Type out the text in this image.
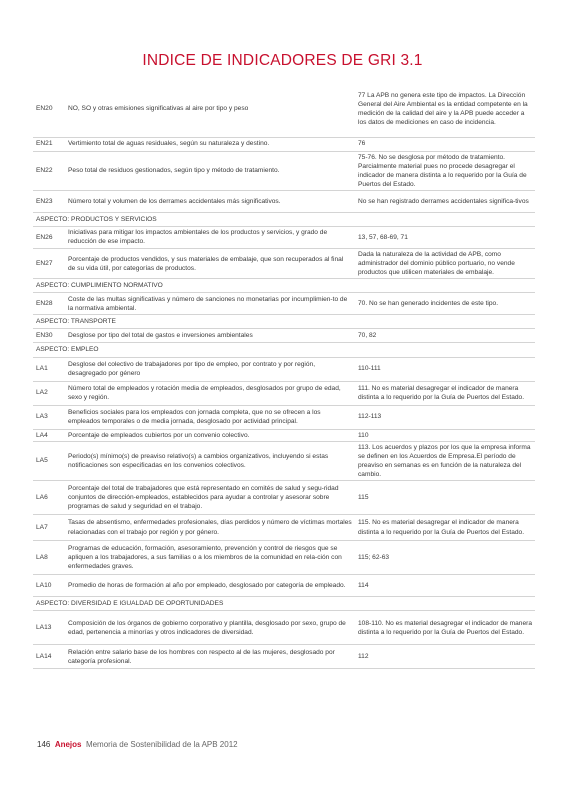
INDICE DE INDICADORES DE GRI 3.1
EN20	NO, SO y otras emisiones significativas al aire por tipo y peso	77 La APB no genera este tipo de impactos. La Dirección General del Aire Ambiental es la entidad competente en la medición de la calidad del aire y la APB puede acceder a los datos de mediciones en caso de incidencia.
EN21	Vertimiento total de aguas residuales, según su naturaleza y destino.	76
EN22	Peso total de residuos gestionados, según tipo y método de tratamiento.	75-76. No se desglosa por método de tratamiento. Parcialmente material pues no procede desagregar el indicador de manera distinta a lo requerido por la Guía de Puertos del Estado.
EN23	Número total y volumen de los derrames accidentales más significativos.	No se han registrado derrames accidentales significa-tivos
ASPECTO: PRODUCTOS Y SERVICIOS		
EN26	Iniciativas para mitigar los impactos ambientales de los productos y servicios, y grado de reducción de ese impacto.	13, 57, 68-69, 71
EN27	Porcentaje de productos vendidos, y sus materiales de embalaje, que son recuperados al final de su vida útil, por categorías de productos.	Dada la naturaleza de la actividad de APB, como administrador del dominio público portuario, no vende productos que utilicen materiales de embalaje.
ASPECTO: CUMPLIMIENTO NORMATIVO		
EN28	Coste de las multas significativas y número de sanciones no monetarias por incumplimien-to de la normativa ambiental.	70. No se han generado incidentes de este tipo.
ASPECTO: TRANSPORTE		
EN30	Desglose por tipo del total de gastos e inversiones ambientales	70, 82
ASPECTO: EMPLEO		
LA1	Desglose del colectivo de trabajadores por tipo de empleo, por contrato y por región, desagregado por género	110-111
LA2	Número total de empleados y rotación media de empleados, desglosados por grupo de edad, sexo y región.	111. No es material desagregar el indicador de manera distinta a lo requerido por la Guía de Puertos del Estado.
LA3	Beneficios sociales para los empleados con jornada completa, que no se ofrecen a los empleados temporales o de media jornada, desglosado por actividad principal.	112-113
LA4	Porcentaje de empleados cubiertos por un convenio colectivo.	110
LA5	Periodo(s) mínimo(s) de preaviso relativo(s) a cambios organizativos, incluyendo si estas notificaciones son especificadas en los convenios colectivos.	113. Los acuerdos y plazos por los que la empresa informa se definen en los Acuerdos de Empresa.El período de preaviso en semanas es en función de la naturaleza del cambio.
LA6	Porcentaje del total de trabajadores que está representado en comités de salud y segu-ridad conjuntos de dirección-empleados, establecidos para ayudar a controlar y asesorar sobre programas de salud y seguridad en el trabajo.	115
LA7	Tasas de absentismo, enfermedades profesionales, días perdidos y número de víctimas mortales relacionadas con el trabajo por región y por género.	115. No es material desagregar el indicador de manera distinta a lo requerido por la Guía de Puertos del Estado.
LA8	Programas de educación, formación, asesoramiento, prevención y control de riesgos que se apliquen a los trabajadores, a sus familias o a los miembros de la comunidad en rela-ción con enfermedades graves.	115; 62-63
LA10	Promedio de horas de formación al año por empleado, desglosado por categoría de empleado.	114
ASPECTO: DIVERSIDAD E IGUALDAD DE OPORTUNIDADES		
LA13	Composición de los órganos de gobierno corporativo y plantilla, desglosado por sexo, grupo de edad, pertenencia a minorías y otros indicadores de diversidad.	108-110. No es material desagregar el indicador de manera distinta a lo requerido por la Guía de Puertos del Estado.
LA14	Relación entre salario base de los hombres con respecto al de las mujeres, desglosado por categoría profesional.	112
146 Anejos Memoria de Sostenibilidad de la APB 2012
